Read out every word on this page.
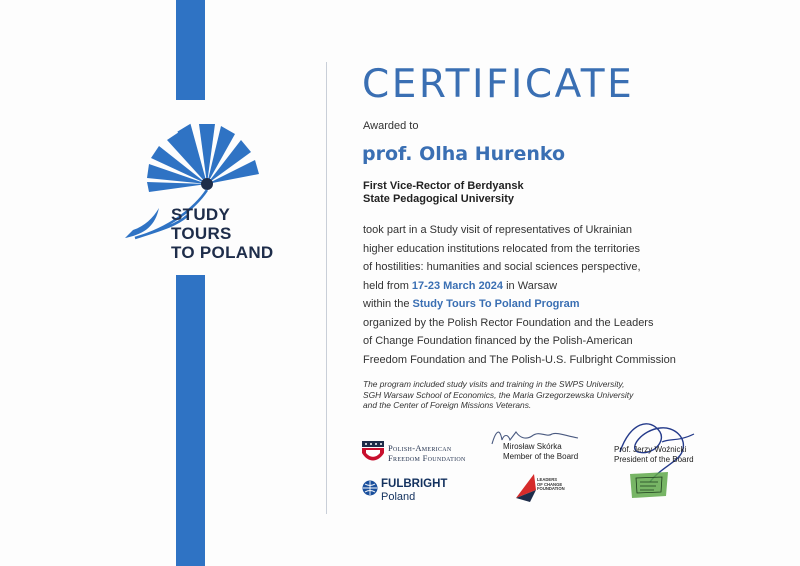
STUDY
TOURS
TO POLAND
CERTIFICATE
Awarded to
prof. Olha Hurenko
First Vice-Rector of Berdyansk
State Pedagogical University
took part in a Study visit of representatives of Ukrainian
higher education institutions relocated from the territories
of hostilities: humanities and social sciences perspective,
held from 17-23 March 2024 in Warsaw
within the Study Tours To Poland Program
organized by the Polish Rector Foundation and the Leaders
of Change Foundation financed by the Polish-American
Freedom Foundation and The Polish-U.S. Fulbright Commission
The program included study visits and training in the SWPS University,
SGH Warsaw School of Economics, the Maria Grzegorzewska University
and the Center of Foreign Missions Veterans.
Polish-American
Freedom Foundation
FULBRIGHT
Poland
LEADERS
OF CHANGE
FOUNDATION
Mirosław Skórka
Member of the Board
Prof. Jerzy Woźnicki
President of the Board
